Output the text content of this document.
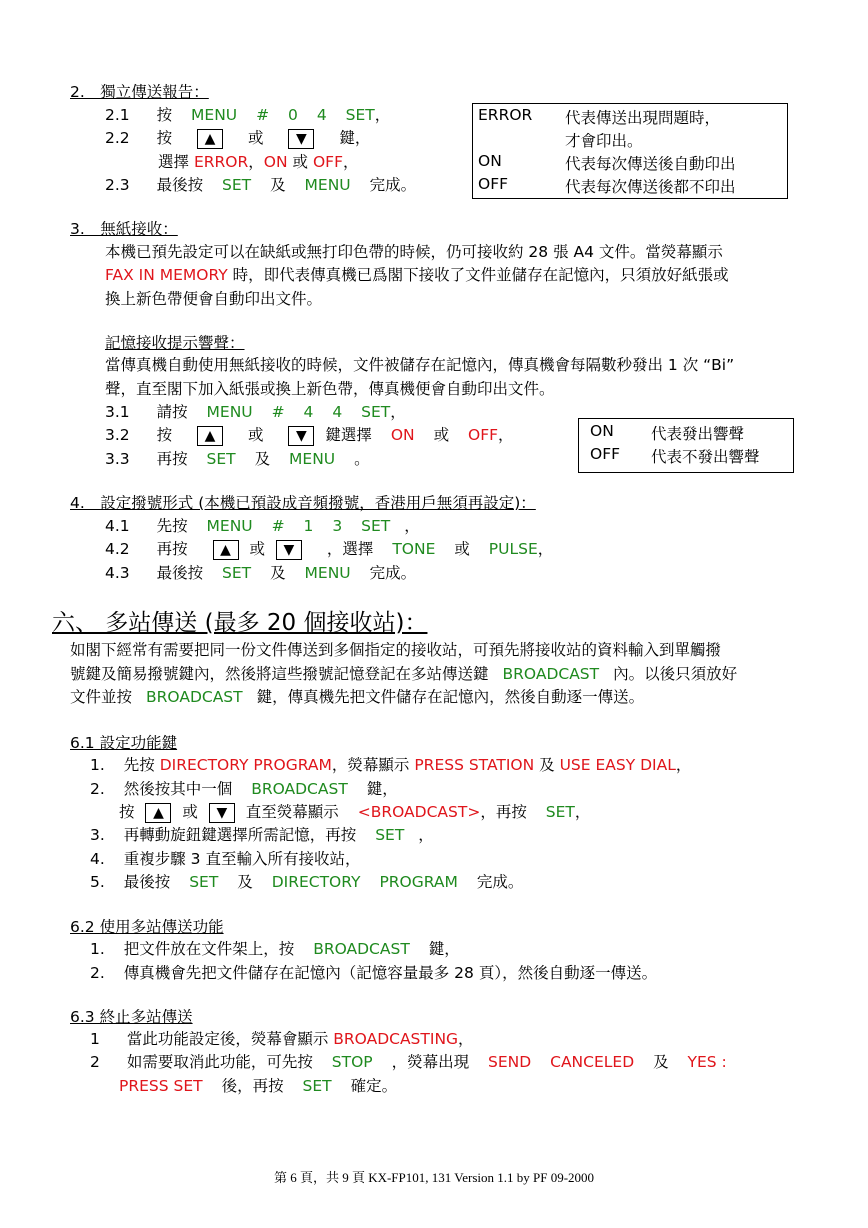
2.　獨立傳送報告：
2.1 按 MENU # 0 4 SET，
2.2 按 ▲ 或 ▼ 鍵，
選擇 ERROR，ON 或 OFF，
2.3 最後按 SET 及 MENU 完成。
ERROR 代表傳送出現問題時，
才會印出。
ON	代表每次傳送後自動印出
OFF	代表每次傳送後都不印出
3.　無紙接收：
本機已預先設定可以在缺紙或無打印色帶的時候，仍可接收約 28 張 A4 文件。當熒幕顯示
FAX IN MEMORY 時，即代表傳真機已爲閣下接收了文件並儲存在記憶內，只須放好紙張或
換上新色帶便會自動印出文件。
記憶接收提示響聲：
當傳真機自動使用無紙接收的時候，文件被儲存在記憶內，傳真機會每隔數秒發出 1 次 “Bi”
聲，直至閣下加入紙張或換上新色帶，傳真機便會自動印出文件。
3.1 請按 MENU # 4 4 SET，
3.2 按 ▲ 或 ▼ 鍵選擇 ON 或 OFF，
3.3 再按 SET 及 MENU 。
ON 代表發出響聲
OFF 代表不發出響聲
4.　設定撥號形式 (本機已預設成音頻撥號，香港用戶無須再設定)：
4.1 先按 MENU # 1 3 SET ，
4.2 再按 ▲ 或 ▼ ，選擇 TONE 或 PULSE，
4.3 最後按 SET 及 MENU 完成。
六、 多站傳送 (最多 20 個接收站)：
如閣下經常有需要把同一份文件傳送到多個指定的接收站，可預先將接收站的資料輸入到單觸撥
號鍵及簡易撥號鍵內，然後將這些撥號記憶登記在多站傳送鍵 BROADCAST 內。以後只須放好
文件並按 BROADCAST 鍵，傳真機先把文件儲存在記憶內，然後自動逐一傳送。
6.1 設定功能鍵
1. 先按 DIRECTORY PROGRAM，熒幕顯示 PRESS STATION 及 USE EASY DIAL，
2. 然後按其中一個 BROADCAST 鍵，
按 ▲ 或 ▼ 直至熒幕顯示 <BROADCAST>，再按 SET，
3. 再轉動旋鈕鍵選擇所需記憶，再按 SET ，
4. 重複步驟 3 直至輸入所有接收站，
5. 最後按 SET 及 DIRECTORY PROGRAM 完成。
6.2 使用多站傳送功能
1. 把文件放在文件架上，按 BROADCAST 鍵，
2. 傳真機會先把文件儲存在記憶內（記憶容量最多 28 頁），然後自動逐一傳送。
6.3 終止多站傳送
1 當此功能設定後，熒幕會顯示 BROADCASTING，
2 如需要取消此功能，可先按 STOP ，熒幕出現 SEND CANCELED 及 YES :
PRESS SET 後，再按 SET 確定。
第 6 頁，共 9 頁 KX-FP101, 131 Version 1.1 by PF 09-2000
